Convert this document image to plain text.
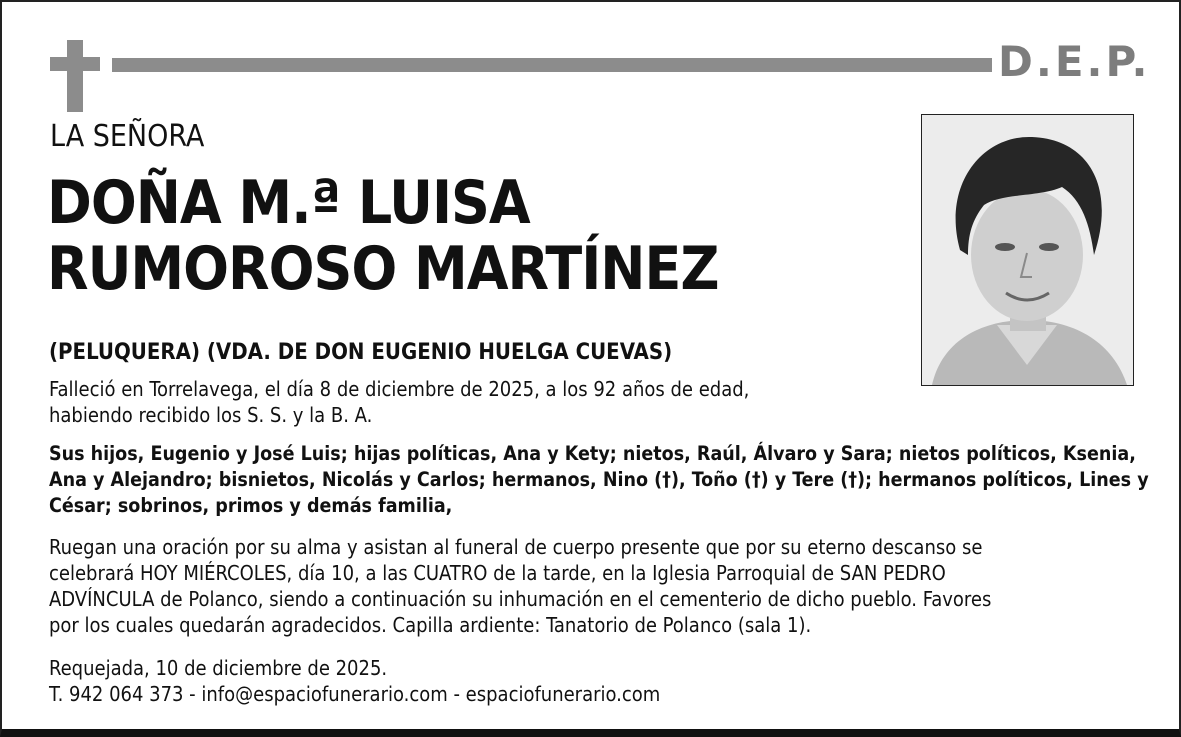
D.E.P.
LA SEÑORA
DOÑA M.ª LUISA
RUMOROSO MARTÍNEZ
(PELUQUERA) (VDA. DE DON EUGENIO HUELGA CUEVAS)
Falleció en Torrelavega, el día 8 de diciembre de 2025, a los 92 años de edad,
habiendo recibido los S. S. y la B. A.
Sus hijos, Eugenio y José Luis; hijas políticas, Ana y Kety; nietos, Raúl, Álvaro y Sara; nietos políticos, Ksenia,
Ana y Alejandro; bisnietos, Nicolás y Carlos; hermanos, Nino (†), Toño (†) y Tere (†); hermanos políticos, Lines y
César; sobrinos, primos y demás familia,
Ruegan una oración por su alma y asistan al funeral de cuerpo presente que por su eterno descanso se
celebrará HOY MIÉRCOLES, día 10, a las CUATRO de la tarde, en la Iglesia Parroquial de SAN PEDRO
ADVÍNCULA de Polanco, siendo a continuación su inhumación en el cementerio de dicho pueblo. Favores
por los cuales quedarán agradecidos. Capilla ardiente: Tanatorio de Polanco (sala 1).
Requejada, 10 de diciembre de 2025.
T. 942 064 373 - info@espaciofunerario.com - espaciofunerario.com
